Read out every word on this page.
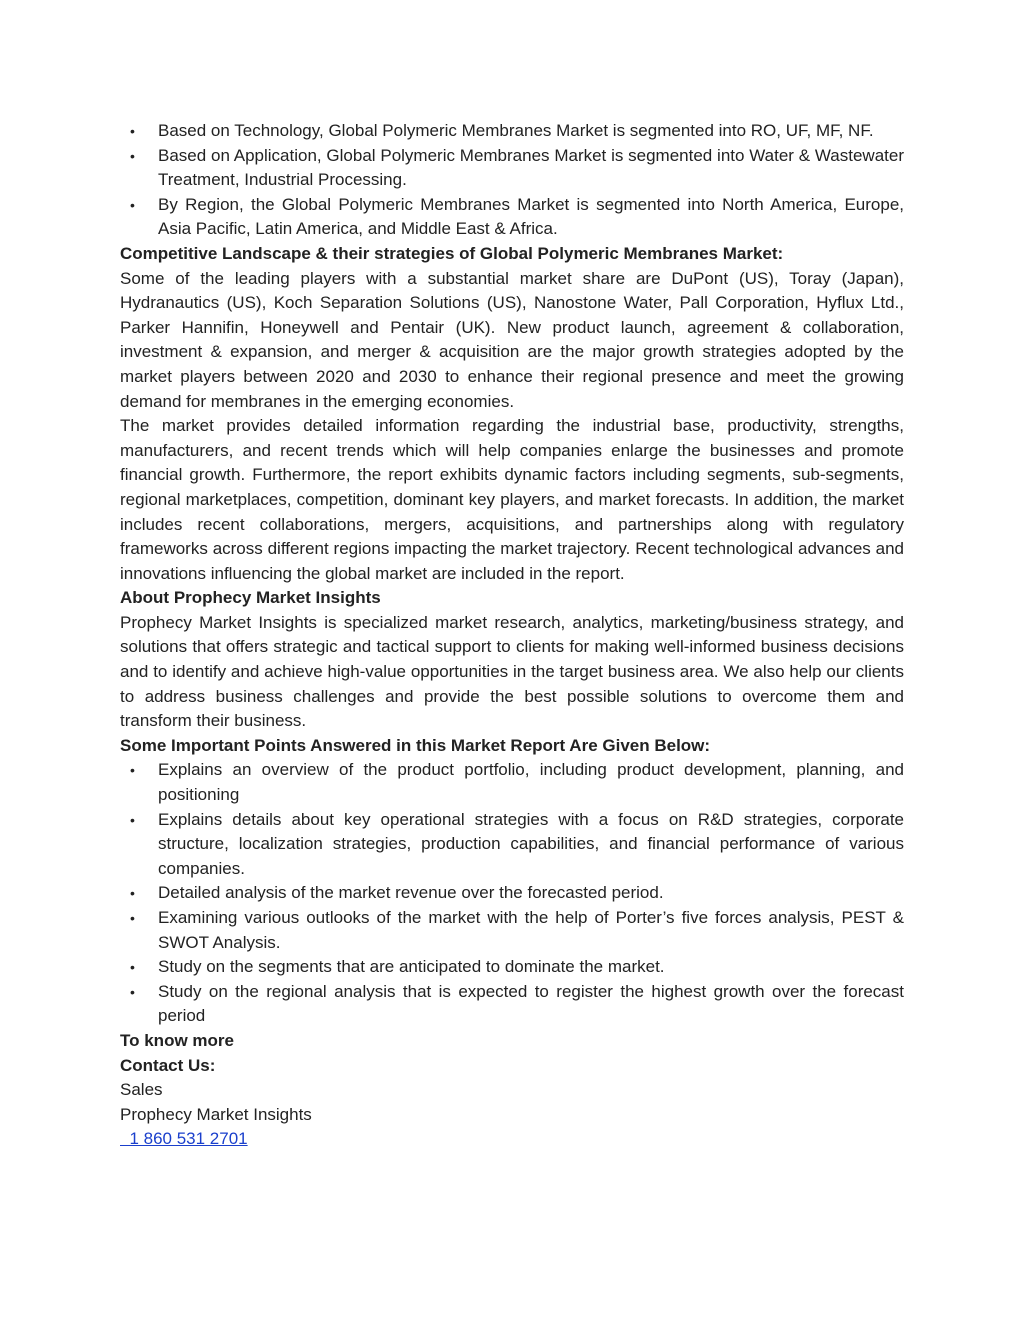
• Based on Technology, Global Polymeric Membranes Market is segmented into RO, UF, MF, NF.
• Based on Application, Global Polymeric Membranes Market is segmented into Water & Wastewater Treatment, Industrial Processing.
• By Region, the Global Polymeric Membranes Market is segmented into North America, Europe, Asia Pacific, Latin America, and Middle East & Africa.

Competitive Landscape & their strategies of Global Polymeric Membranes Market:

Some of the leading players with a substantial market share are DuPont (US), Toray (Japan), Hydranautics (US), Koch Separation Solutions (US), Nanostone Water, Pall Corporation, Hyflux Ltd., Parker Hannifin, Honeywell and Pentair (UK). New product launch, agreement & collaboration, investment & expansion, and merger & acquisition are the major growth strategies adopted by the market players between 2020 and 2030 to enhance their regional presence and meet the growing demand for membranes in the emerging economies.

The market provides detailed information regarding the industrial base, productivity, strengths, manufacturers, and recent trends which will help companies enlarge the businesses and promote financial growth. Furthermore, the report exhibits dynamic factors including segments, sub-segments, regional marketplaces, competition, dominant key players, and market forecasts. In addition, the market includes recent collaborations, mergers, acquisitions, and partnerships along with regulatory frameworks across different regions impacting the market trajectory. Recent technological advances and innovations influencing the global market are included in the report.

About Prophecy Market Insights

Prophecy Market Insights is specialized market research, analytics, marketing/business strategy, and solutions that offers strategic and tactical support to clients for making well-informed business decisions and to identify and achieve high-value opportunities in the target business area. We also help our clients to address business challenges and provide the best possible solutions to overcome them and transform their business.

Some Important Points Answered in this Market Report Are Given Below:

• Explains an overview of the product portfolio, including product development, planning, and positioning
• Explains details about key operational strategies with a focus on R&D strategies, corporate structure, localization strategies, production capabilities, and financial performance of various companies.
• Detailed analysis of the market revenue over the forecasted period.
• Examining various outlooks of the market with the help of Porter’s five forces analysis, PEST & SWOT Analysis.
• Study on the segments that are anticipated to dominate the market.
• Study on the regional analysis that is expected to register the highest growth over the forecast period

To know more

Contact Us:

Sales

Prophecy Market Insights

1 860 531 2701
